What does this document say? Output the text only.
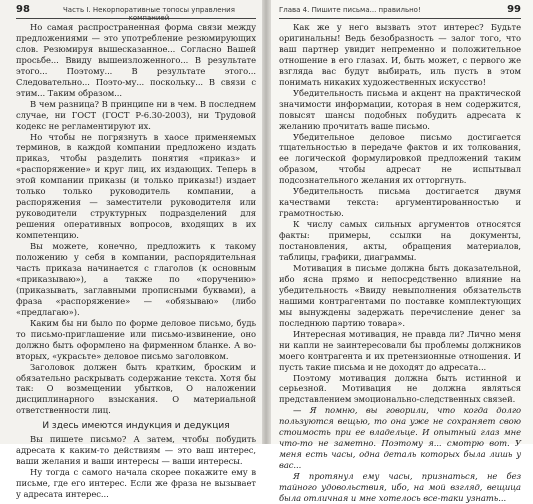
98	Часть I. Некорпоративные топосы управления компанией

Но самая распространенная форма связи между предложениями — это употребление резюмирующих слов. Резюмируя вышесказанное... Согласно Вашей просьбе... Ввиду вышеизложенного... В результате этого... Поэтому... В результате этого... Следовательно... Поэто-му... поскольку... В связи с этим... Таким образом...

В чем разница? В принципе ни в чем. В последнем случае, ни ГОСТ (ГОСТ Р-6.30-2003), ни Трудовой кодекс не регламентируют их.

Но чтобы не погрязнуть в хаосе применяемых терминов, в каждой компании предложено издать приказ, чтобы разделить понятия «приказ» и «распоряжение» и круг лиц, их издающих. Теперь в этой компании приказы (и только приказы!) издает только только руководитель компании, а распоряжения — заместители руководителя или руководители структурных подразделений для решения оперативных вопросов, входящих в их компетенцию.

Вы можете, конечно, предложить к такому положению у себя в компании, распорядительная часть приказа начинается с глаголов (к основным «приказываю»), а также по «поручению» (приказывать, заглавными прописными буквами), а фраза «распоряжение» — «обязываю» (либо «предлагаю»).

Каким бы ни было по форме деловое письмо, будь то письмо-приглашение или письмо-извинение, оно должно быть оформлено на фирменном бланке. А во-вторых, «украсьте» деловое письмо заголовком.

Заголовок должен быть кратким, броским и обязательно раскрывать содержание текста. Хотя бы так: О возмещении убытков, О наложении дисциплинарного взыскания. О материальной ответственности лиц.

И здесь имеются индукция и дедукция

Вы пишете письмо? А затем, чтобы побудить адресата к каким-то действиям — это ваш интерес, ваши желания и ваши интересы — ваши интересы.

Ну тогда с самого начала скорее покажите ему в письме, где его интерес. Если же фраза не вызывает у адресата интерес...

Глава 4. Пишите письма... правильно!	99

Как же у него вызвать этот интерес? Будьте оригинальны! Ведь безобразность — залог того, что ваш партнер увидит непременно и положительное отношение в его глазах. И, быть может, с первого же взгляда вас будут выбирать, иль пусть в этом понимать никаких художественных искусство!

Убедительность письма и акцент на практической значимости информации, которая в нем содержится, повысят шансы подобных побудить адресата к желанию прочитать ваше письмо.

Убедительное деловое письмо достигается тщательностью в передаче фактов и их толкования, ее логической формулировкой предложений таким образом, чтобы адресат не испытывал подсознательного желания их отторгнуть.

Убедительность письма достигается двумя качествами текста: аргументированностью и грамотностью.

К числу самых сильных аргументов относятся факты: примеры, ссылки на документы, постановления, акты, обращения материалов, таблицы, графики, диаграммы.

Мотивация в письме должна быть доказательной, ибо ясна прямо и непосредственно влияние на убедительность «Ввиду невыполнения обязательств нашими контрагентами по поставке комплектующих мы вынуждены задержать перечисление денег за последнюю партию товара».

Интересная мотивация, не правда ли? Лично меня ни капли не заинтересовали бы проблемы должников моего контрагента и их претензионные отношения. И пусть такие письма и не доходят до адресата...

Поэтому мотивация должна быть истинной и серьезной. Мотивация не должна являться представлением эмоционально-следственных связей.

— Я помню, вы говорили, что когда долго пользуются вещью, то она уже не сохраняет свою стоимость при ее владельце. И опытный глаз мне что-то не заметно. Поэтому я... смотрю вот. У меня есть часы, одна деталь которых была лишь у вас...

Я протянул ему часы, признаться, не без тайного удовольствия, ибо, на мой взгляд, вещица была отличная и мне хотелось все-таки узнать...
